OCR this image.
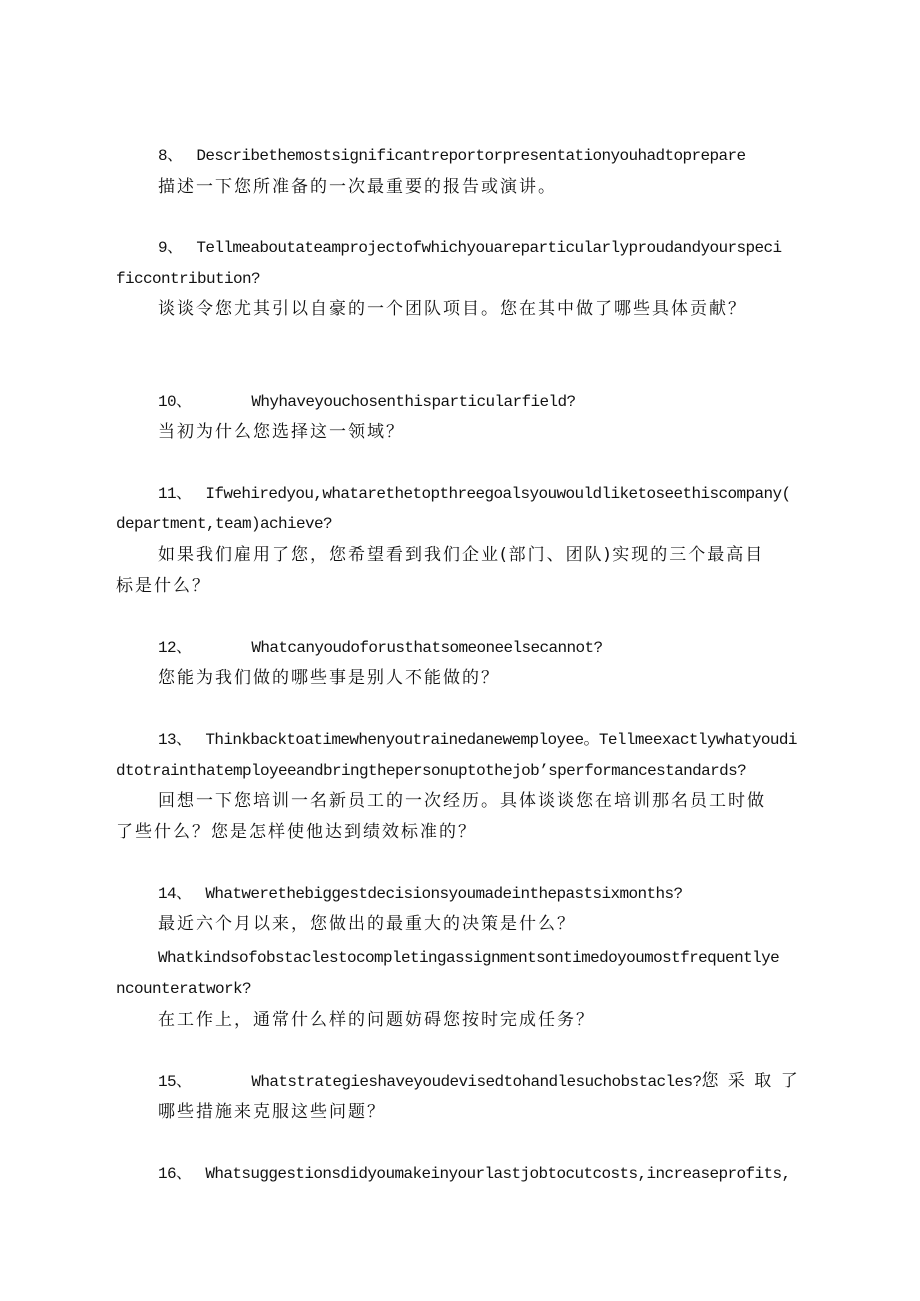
8、 Describethemostsignificantreportorpresentationyouhadtoprepare
描述一下您所准备的一次最重要的报告或演讲。
9、 Tellmeaboutateamprojectofwhichyouareparticularlyproudandyourspeci
ficcontribution?
谈谈令您尤其引以自豪的一个团队项目。您在其中做了哪些具体贡献？
10、	Whyhaveyouchosenthisparticularfield?
当初为什么您选择这一领域？
11、 Ifwehiredyou,whatarethetopthreegoalsyouwouldliketoseethiscompany(
department,team)achieve?
如果我们雇用了您，您希望看到我们企业(部门、团队)实现的三个最高目
标是什么？
12、	Whatcanyoudoforusthatsomeoneelsecannot?
您能为我们做的哪些事是别人不能做的？
13、 Thinkbacktoatimewhenyoutrainedanewemployee。Tellmeexactlywhatyoudi
dtotrainthatemployeeandbringthepersonuptothejob’sperformancestandards?
回想一下您培训一名新员工的一次经历。具体谈谈您在培训那名员工时做
了些什么？您是怎样使他达到绩效标准的？
14、 Whatwerethebiggestdecisionsyoumadeinthepastsixmonths?
最近六个月以来，您做出的最重大的决策是什么？
Whatkindsofobstaclestocompletingassignmentsontimedoyoumostfrequentlye
ncounteratwork?
在工作上，通常什么样的问题妨碍您按时完成任务？
15、	Whatstrategieshaveyoudevisedtohandlesuchobstacles?您 采 取 了
哪些措施来克服这些问题？
16、 Whatsuggestionsdidyoumakeinyourlastjobtocutcosts,increaseprofits,
